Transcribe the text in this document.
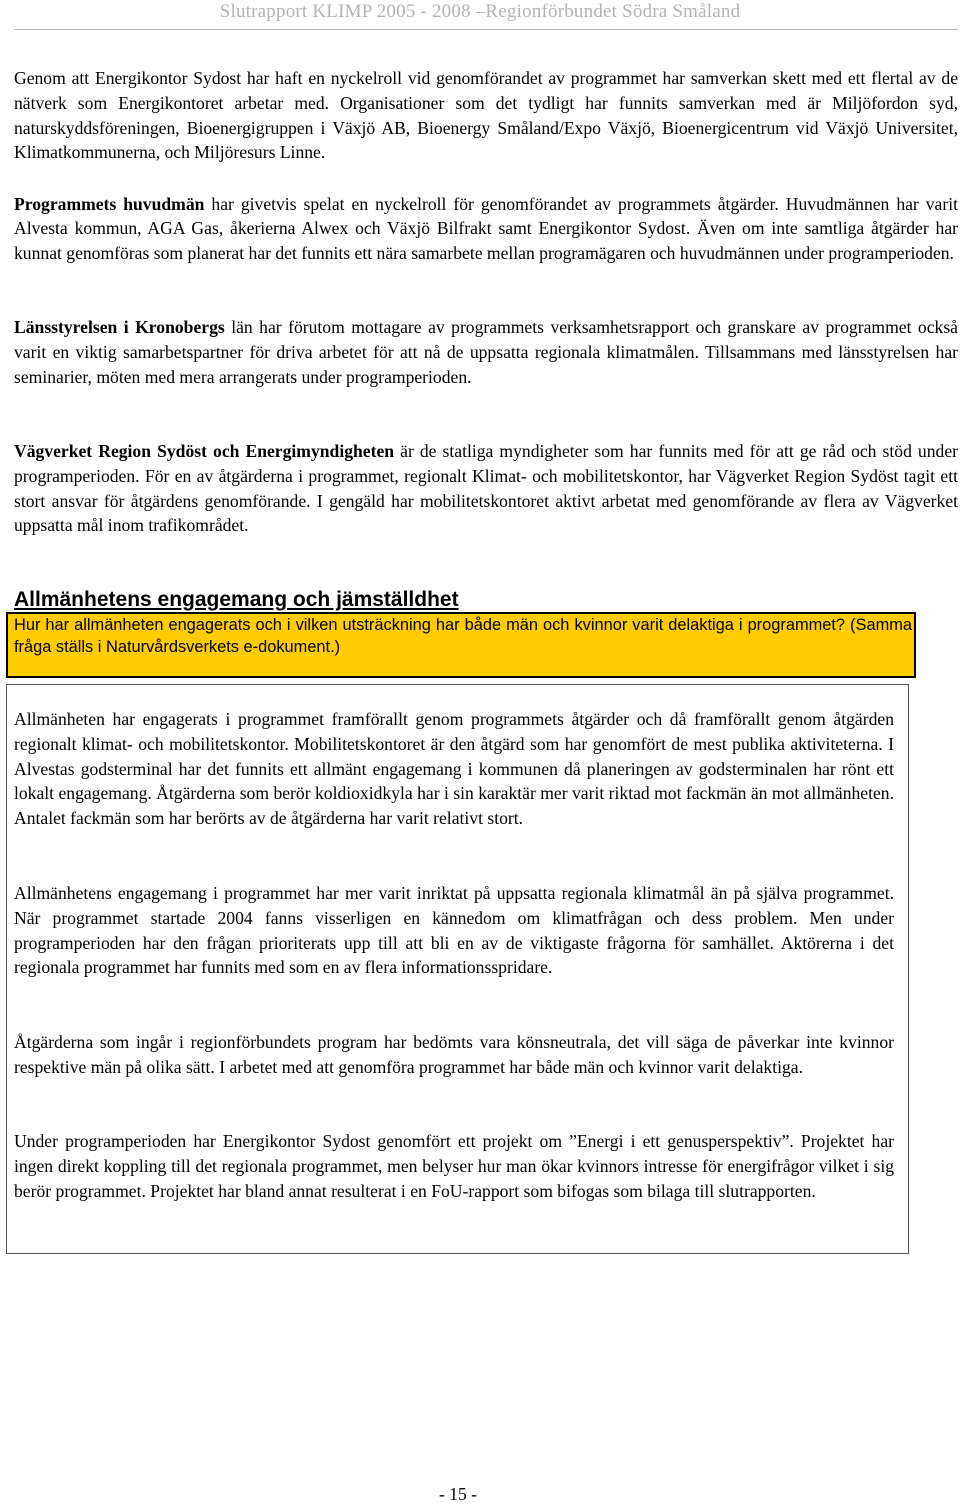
Slutrapport KLIMP 2005 - 2008 –Regionförbundet Södra Småland

Genom att Energikontor Sydost har haft en nyckelroll vid genomförandet av programmet har samverkan skett med ett flertal av de nätverk som Energikontoret arbetar med. Organisationer som det tydligt har funnits samverkan med är Miljöfordon syd, naturskyddsföreningen, Bioenergigruppen i Växjö AB, Bioenergy Småland/Expo Växjö, Bioenergicentrum vid Växjö Universitet, Klimatkommunerna, och Miljöresurs Linne.

Programmets huvudmän har givetvis spelat en nyckelroll för genomförandet av programmets åtgärder. Huvudmännen har varit Alvesta kommun, AGA Gas, åkerierna Alwex och Växjö Bilfrakt samt Energikontor Sydost. Även om inte samtliga åtgärder har kunnat genomföras som planerat har det funnits ett nära samarbete mellan programägaren och huvudmännen under programperioden.

Länsstyrelsen i Kronobergs län har förutom mottagare av programmets verksamhetsrapport och granskare av programmet också varit en viktig samarbetspartner för driva arbetet för att nå de uppsatta regionala klimatmålen. Tillsammans med länsstyrelsen har seminarier, möten med mera arrangerats under programperioden.

Vägverket Region Sydöst och Energimyndigheten är de statliga myndigheter som har funnits med för att ge råd och stöd under programperioden. För en av åtgärderna i programmet, regionalt Klimat- och mobilitetskontor, har Vägverket Region Sydöst tagit ett stort ansvar för åtgärdens genomförande. I gengäld har mobilitetskontoret aktivt arbetat med genomförande av flera av Vägverket uppsatta mål inom trafikområdet.

Allmänhetens engagemang och jämställdhet
Hur har allmänheten engagerats och i vilken utsträckning har både män och kvinnor varit delaktiga i programmet? (Samma fråga ställs i Naturvårdsverkets e-dokument.)

Allmänheten har engagerats i programmet framförallt genom programmets åtgärder och då framförallt genom åtgärden regionalt klimat- och mobilitetskontor. Mobilitetskontoret är den åtgärd som har genomfört de mest publika aktiviteterna. I Alvestas godsterminal har det funnits ett allmänt engagemang i kommunen då planeringen av godsterminalen har rönt ett lokalt engagemang. Åtgärderna som berör koldioxidkyla har i sin karaktär mer varit riktad mot fackmän än mot allmänheten. Antalet fackmän som har berörts av de åtgärderna har varit relativt stort.

Allmänhetens engagemang i programmet har mer varit inriktat på uppsatta regionala klimatmål än på själva programmet. När programmet startade 2004 fanns visserligen en kännedom om klimatfrågan och dess problem. Men under programperioden har den frågan prioriterats upp till att bli en av de viktigaste frågorna för samhället. Aktörerna i det regionala programmet har funnits med som en av flera informationsspridare.

Åtgärderna som ingår i regionförbundets program har bedömts vara könsneutrala, det vill säga de påverkar inte kvinnor respektive män på olika sätt. I arbetet med att genomföra programmet har både män och kvinnor varit delaktiga.

Under programperioden har Energikontor Sydost genomfört ett projekt om ”Energi i ett genusperspektiv”. Projektet har ingen direkt koppling till det regionala programmet, men belyser hur man ökar kvinnors intresse för energifrågor vilket i sig berör programmet. Projektet har bland annat resulterat i en FoU-rapport som bifogas som bilaga till slutrapporten.

- 15 -
